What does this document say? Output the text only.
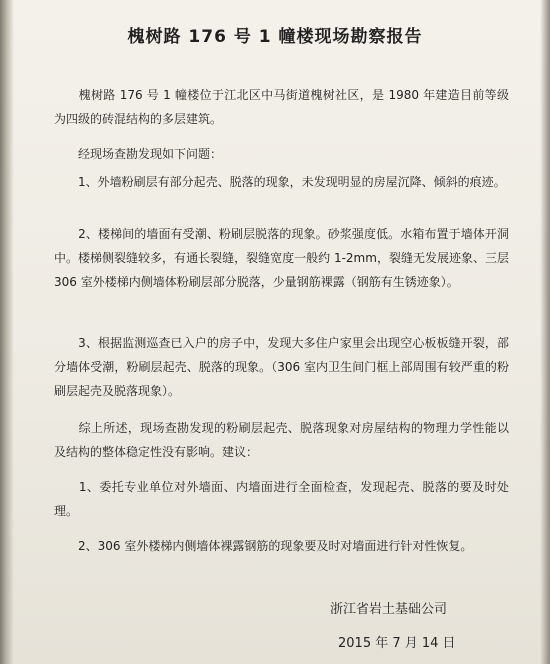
槐树路 176 号 1 幢楼现场勘察报告
　　槐树路 176 号 1 幢楼位于江北区中马街道槐树社区，是 1980 年建造目前等级为四级的砖混结构的多层建筑。
　　经现场查勘发现如下问题：
　　1、外墙粉刷层有部分起壳、脱落的现象，未发现明显的房屋沉降、倾斜的痕迹。
　　2、楼梯间的墙面有受潮、粉刷层脱落的现象。砂浆强度低。水箱布置于墙体开洞中。楼梯侧裂缝较多，有通长裂缝，裂缝宽度一般约 1-2mm，裂缝无发展迹象、三层 306 室外楼梯内侧墙体粉刷层部分脱落，少量钢筋裸露（钢筋有生锈迹象）。
　　3、根据监测巡查已入户的房子中，发现大多住户家里会出现空心板板缝开裂，部分墙体受潮，粉刷层起壳、脱落的现象。（306 室内卫生间门框上部周围有较严重的粉刷层起壳及脱落现象）。
　　综上所述，现场查勘发现的粉刷层起壳、脱落现象对房屋结构的物理力学性能以及结构的整体稳定性没有影响。建议：
　　1、委托专业单位对外墙面、内墙面进行全面检查，发现起壳、脱落的要及时处理。
　　2、306 室外楼梯内侧墙体裸露钢筋的现象要及时对墙面进行针对性恢复。
浙江省岩土基础公司
2015 年 7 月 14 日
